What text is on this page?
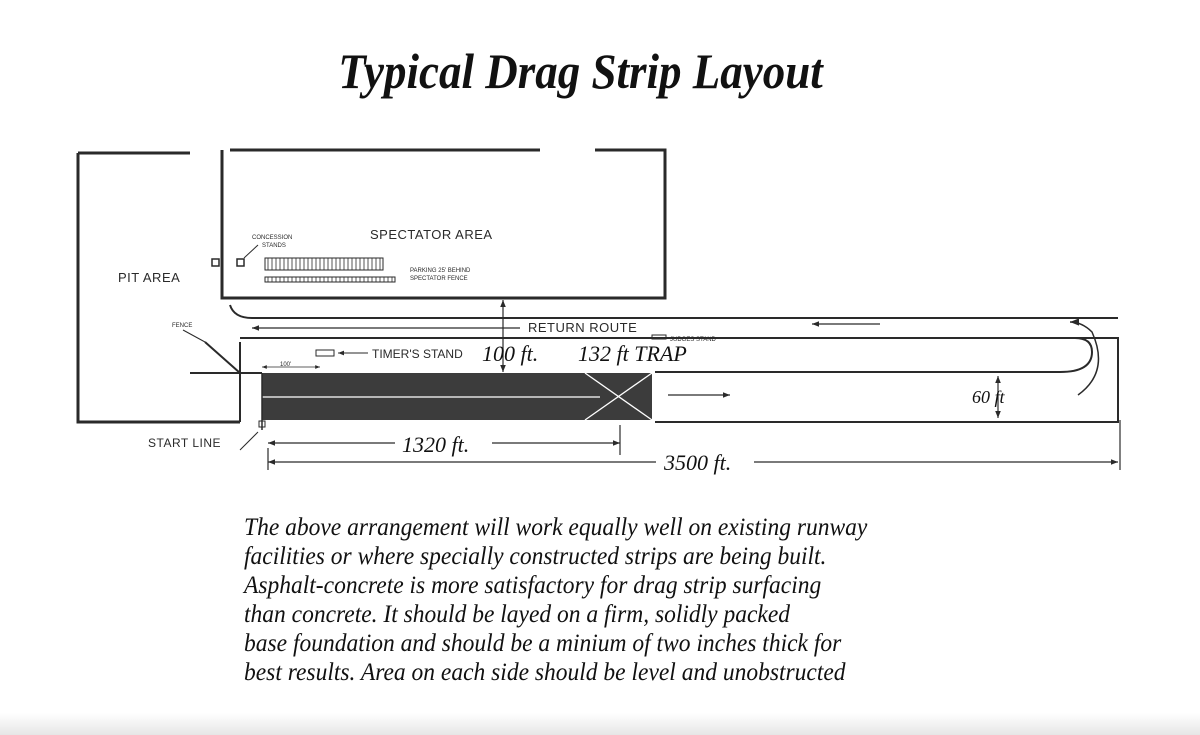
Typical Drag Strip Layout
PIT AREA
SPECTATOR AREA
CONCESSION
STANDS
PARKING 25' BEHIND
SPECTATOR FENCE
FENCE	RETURN ROUTE
JUDGES STAND
TIMER'S STAND
100'
START LINE
100 ft. 132 ft TRAP
60 ft
1320 ft.
3500 ft.
The above arrangement will work equally well on existing runway
facilities or where specially constructed strips are being built.
Asphalt-concrete is more satisfactory for drag strip surfacing
than concrete. It should be layed on a firm, solidly packed
base foundation and should be a minium of two inches thick for
best results. Area on each side should be level and unobstructed
